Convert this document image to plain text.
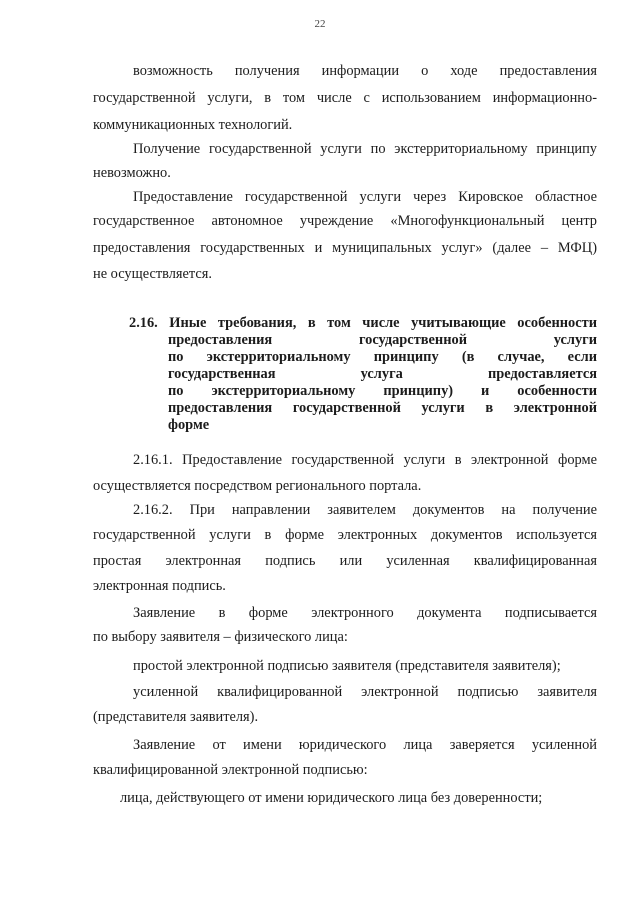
22
возможность получения информации о ходе предоставления
государственной услуги, в том числе с использованием информационно-
коммуникационных технологий.
Получение государственной услуги по экстерриториальному принципу
невозможно.
Предоставление государственной услуги через Кировское областное
государственное автономное учреждение «Многофункциональный центр
предоставления государственных и муниципальных услуг» (далее – МФЦ)
не осуществляется.
2.16. Иные требования, в том числе учитывающие особенности
предоставления государственной услуги
по экстерриториальному принципу (в случае, если
государственная услуга предоставляется
по экстерриториальному принципу) и особенности
предоставления государственной услуги в электронной
форме
2.16.1. Предоставление государственной услуги в электронной форме
осуществляется посредством регионального портала.
2.16.2. При направлении заявителем документов на получение
государственной услуги в форме электронных документов используется
простая электронная подпись или усиленная квалифицированная
электронная подпись.
Заявление в форме электронного документа подписывается
по выбору заявителя – физического лица:
простой электронной подписью заявителя (представителя заявителя);
усиленной квалифицированной электронной подписью заявителя
(представителя заявителя).
Заявление от имени юридического лица заверяется усиленной
квалифицированной электронной подписью:
лица, действующего от имени юридического лица без доверенности;
